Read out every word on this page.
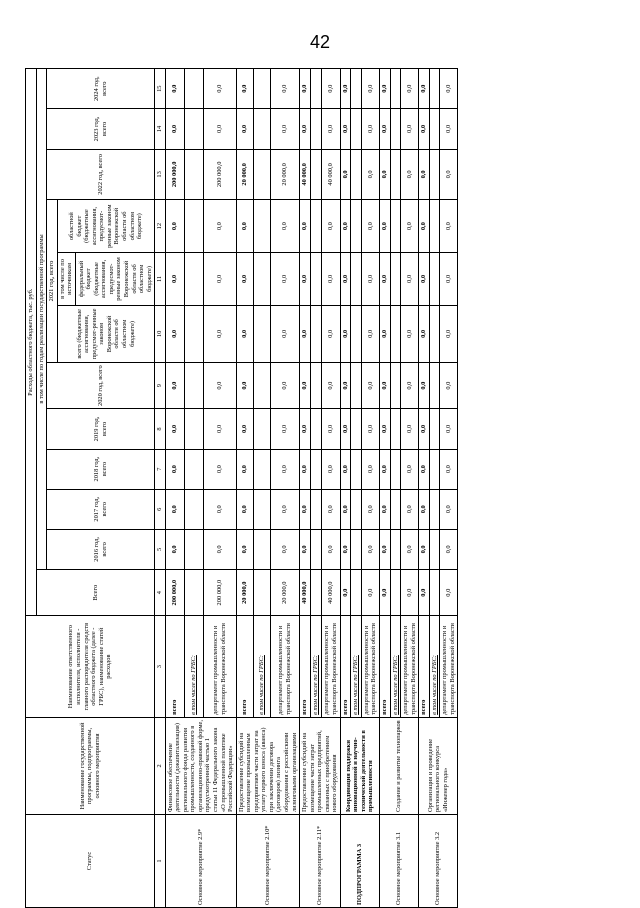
42
Статус	Наименование государственной программы, подпрограммы, основного мероприятия	Наименование ответственного исполнителя, исполнителя - главного распорядителя средств областного бюджета (далее - ГРБС), наименование статей расходов	Расходы областного бюджета, тыс. руб.											
			Всего	в том числе по годам реализации государственной программы										
				2016 год, всего	2017 год, всего	2018 год, всего	2019 год, всего	2020 год, всего	2021 год, всего			2022 год, всего	2023 год, всего	2024 год, всего
									всего (бюджетные ассигнования, предусмот-ренные законом Воронежской области об областном бюджете)	в том числе по источникам федеральный бюджет (бюджетные ассигнования, предусмот-ренные законом Воронежской области об областном бюджете)	областной бюджет (бюджетные ассигнования, предусмот-ренные законом Воронежской области об областном бюджете)			
1	2	3	4	5	6	7	8	9	10	11	12	13	14	15
Основное мероприятие 2.9*	Финансовое обеспечение деятельности (докапитализация) регионального фонда развития промышленности, созданного в организационно-правовой форме, предусмотренной частью 1 статьи 11 Федерального закона «О промышленной политике Российской Федерации»	всего	200 000,0	0,0	0,0	0,0	0,0	0,0	0,0	0,0	0,0	200 000,0	0,0	0,0
		в том числе по ГРБС:												
		департамент промышленности и транспорта Воронежской области	200 000,0	0,0	0,0	0,0	0,0	0,0	0,0	0,0	0,0	200 000,0	0,0	0,0
Основное мероприятие 2.10*	Предоставление субсидий на возмещение промышленным предприятиям части затрат на уплату первого взноса (аванса) при заключении договора (договоров) лизинга оборудования с российскими лизинговыми организациями	всего	20 000,0	0,0	0,0	0,0	0,0	0,0	0,0	0,0	0,0	20 000,0	0,0	0,0
		в том числе по ГРБС:												
		департамент промышленности и транспорта Воронежской области	20 000,0	0,0	0,0	0,0	0,0	0,0	0,0	0,0	0,0	20 000,0	0,0	0,0
Основное мероприятие 2.11*	Предоставление субсидий на возмещение части затрат промышленных предприятий, связанных с приобретением нового оборудования	всего	40 000,0	0,0	0,0	0,0	0,0	0,0	0,0	0,0	0,0	40 000,0	0,0	0,0
		в том числе по ГРБС:												
		департамент промышленности и транспорта Воронежской области	40 000,0	0,0	0,0	0,0	0,0	0,0	0,0	0,0	0,0	40 000,0	0,0	0,0
ПОДПРОГРАММА 3	Координация поддержки инновационной и научно-технической деятельности в промышленности	всего	0,0	0,0	0,0	0,0	0,0	0,0	0,0	0,0	0,0	0,0	0,0	0,0
		в том числе по ГРБС:												
		департамент промышленности и транспорта Воронежской области	0,0	0,0	0,0	0,0	0,0	0,0	0,0	0,0	0,0	0,0	0,0	0,0
Основное мероприятие 3.1	Создание и развитие технопарков	всего	0,0	0,0	0,0	0,0	0,0	0,0	0,0	0,0	0,0	0,0	0,0	0,0
		в том числе по ГРБС:												
		департамент промышленности и транспорта Воронежской области	0,0	0,0	0,0	0,0	0,0	0,0	0,0	0,0	0,0	0,0	0,0	0,0
Основное мероприятие 3.2	Организация и проведение регионального конкурса «Инженер года»	всего	0,0	0,0	0,0	0,0	0,0	0,0	0,0	0,0	0,0	0,0	0,0	0,0
		в том числе по ГРБС:												
		департамент промышленности и транспорта Воронежской области	0,0	0,0	0,0	0,0	0,0	0,0	0,0	0,0	0,0	0,0	0,0	0,0
